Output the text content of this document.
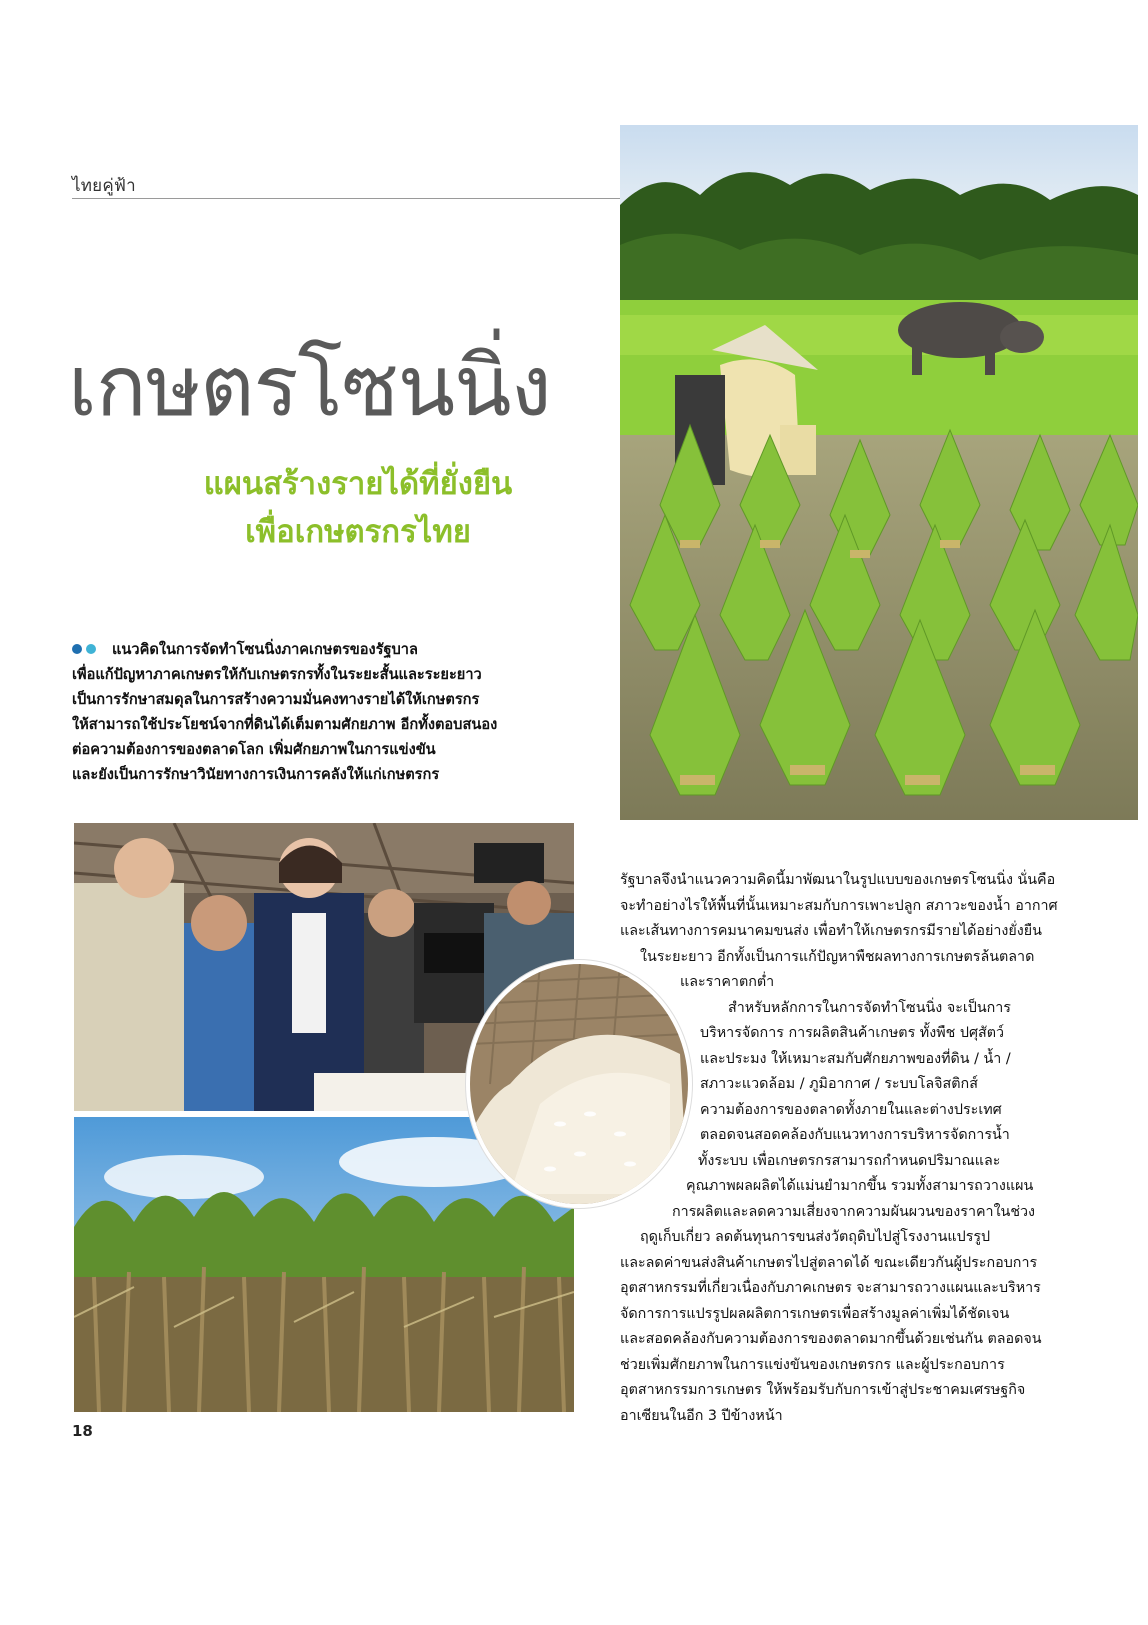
ไทยคู่ฟ้า
เกษตรโซนนิ่ง
แผนสร้างรายได้ที่ยั่งยืน
เพื่อเกษตรกรไทย
แนวคิดในการจัดทำโซนนิ่งภาคเกษตรของรัฐบาล
เพื่อแก้ปัญหาภาคเกษตรให้กับเกษตรกรทั้งในระยะสั้นและระยะยาว
เป็นการรักษาสมดุลในการสร้างความมั่นคงทางรายได้ให้เกษตรกร
ให้สามารถใช้ประโยชน์จากที่ดินได้เต็มตามศักยภาพ อีกทั้งตอบสนอง
ต่อความต้องการของตลาดโลก เพิ่มศักยภาพในการแข่งขัน
และยังเป็นการรักษาวินัยทางการเงินการคลังให้แก่เกษตรกร
รัฐบาลจึงนำแนวความคิดนี้มาพัฒนาในรูปแบบของเกษตรโซนนิ่ง นั่นคือ
จะทำอย่างไรให้พื้นที่นั้นเหมาะสมกับการเพาะปลูก สภาวะของน้ำ อากาศ
และเส้นทางการคมนาคมขนส่ง เพื่อทำให้เกษตรกรมีรายได้อย่างยั่งยืน
ในระยะยาว อีกทั้งเป็นการแก้ปัญหาพืชผลทางการเกษตรล้นตลาด
และราคาตกต่ำ
สำหรับหลักการในการจัดทำโซนนิ่ง จะเป็นการ
บริหารจัดการ การผลิตสินค้าเกษตร ทั้งพืช ปศุสัตว์
และประมง ให้เหมาะสมกับศักยภาพของที่ดิน / น้ำ /
สภาวะแวดล้อม / ภูมิอากาศ / ระบบโลจิสติกส์
ความต้องการของตลาดทั้งภายในและต่างประเทศ
ตลอดจนสอดคล้องกับแนวทางการบริหารจัดการน้ำ
ทั้งระบบ เพื่อเกษตรกรสามารถกำหนดปริมาณและ
คุณภาพผลผลิตได้แม่นยำมากขึ้น รวมทั้งสามารถวางแผน
การผลิตและลดความเสี่ยงจากความผันผวนของราคาในช่วง
ฤดูเก็บเกี่ยว ลดต้นทุนการขนส่งวัตถุดิบไปสู่โรงงานแปรรูป
และลดค่าขนส่งสินค้าเกษตรไปสู่ตลาดได้ ขณะเดียวกันผู้ประกอบการ
อุตสาหกรรมที่เกี่ยวเนื่องกับภาคเกษตร จะสามารถวางแผนและบริหาร
จัดการการแปรรูปผลผลิตการเกษตรเพื่อสร้างมูลค่าเพิ่มได้ชัดเจน
และสอดคล้องกับความต้องการของตลาดมากขึ้นด้วยเช่นกัน ตลอดจน
ช่วยเพิ่มศักยภาพในการแข่งขันของเกษตรกร และผู้ประกอบการ
อุตสาหกรรมการเกษตร ให้พร้อมรับกับการเข้าสู่ประชาคมเศรษฐกิจ
อาเซียนในอีก 3 ปีข้างหน้า
18
